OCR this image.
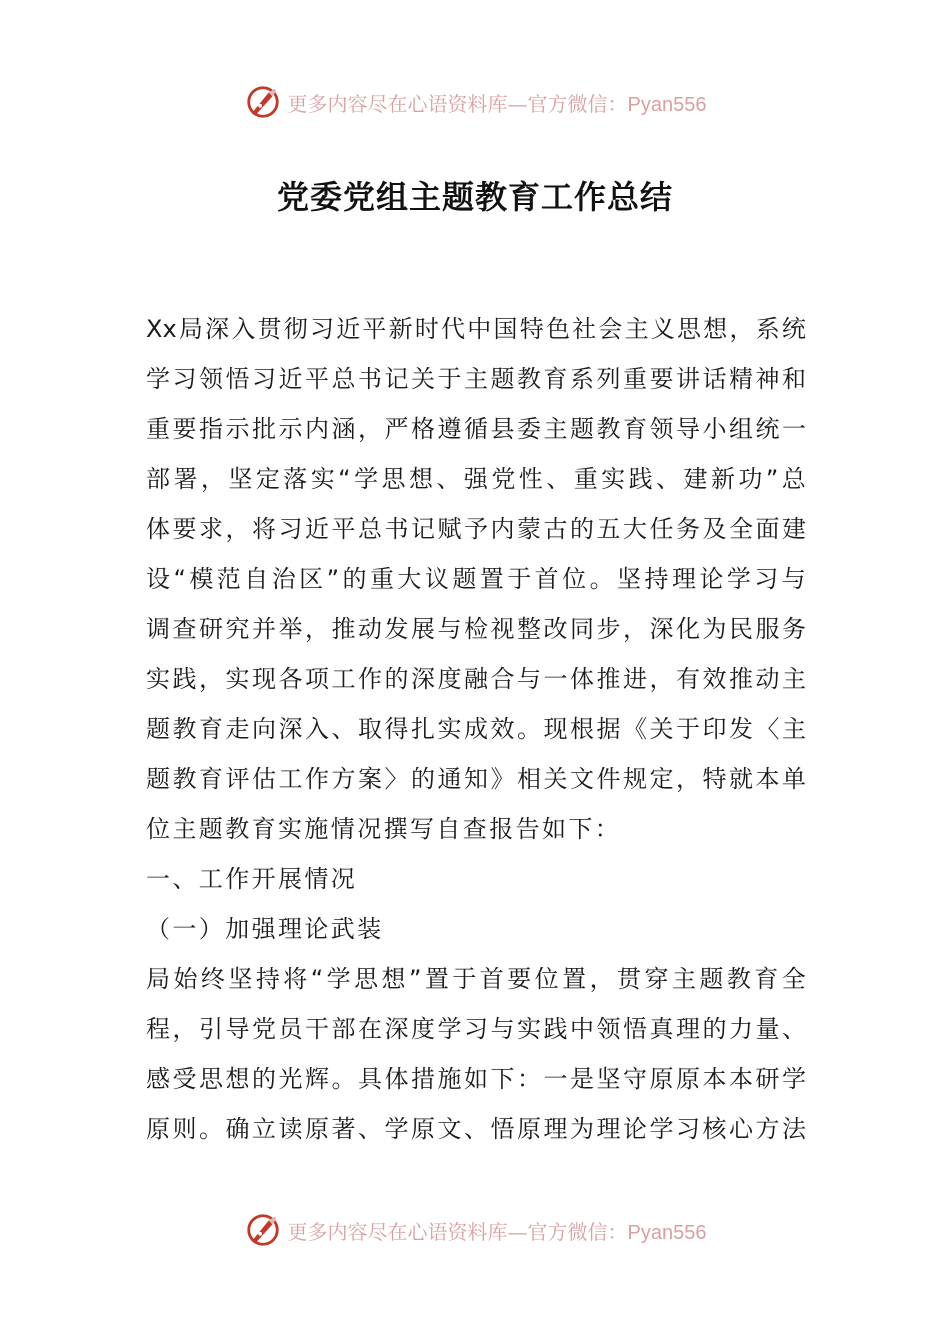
更多内容尽在心语资料库—官方微信：Pyan556
党委党组主题教育工作总结
Xx 局 深 入 贯 彻 习 近 平 新 时 代 中 国 特 色 社 会 主 义 思 想 ， 系 统
学 习 领 悟 习 近 平 总 书 记 关 于 主 题 教 育 系 列 重 要 讲 话 精 神 和
重 要 指 示 批 示 内 涵 ， 严 格 遵 循 县 委 主 题 教 育 领 导 小 组 统 一
部 署 ， 坚 定 落 实 “ 学 思 想 、 强 党 性 、 重 实 践 、 建 新 功 ” 总
体 要 求 ， 将 习 近 平 总 书 记 赋 予 内 蒙 古 的 五 大 任 务 及 全 面 建
设 “ 模 范 自 治 区 ” 的 重 大 议 题 置 于 首 位 。 坚 持 理 论 学 习 与
调 查 研 究 并 举 ， 推 动 发 展 与 检 视 整 改 同 步 ， 深 化 为 民 服 务
实 践 ， 实 现 各 项 工 作 的 深 度 融 合 与 一 体 推 进 ， 有 效 推 动 主
题 教 育 走 向 深 入 、 取 得 扎 实 成 效 。 现 根 据 《 关 于 印 发 〈 主
题 教 育 评 估 工 作 方 案 〉 的 通 知 》 相 关 文 件 规 定 ， 特 就 本 单
位主题教育实施情况撰写自查报告如下：
一、工作开展情况
（一）加强理论武装
局 始 终 坚 持 将 “ 学 思 想 ” 置 于 首 要 位 置 ， 贯 穿 主 题 教 育 全
程 ， 引 导 党 员 干 部 在 深 度 学 习 与 实 践 中 领 悟 真 理 的 力 量 、
感 受 思 想 的 光 辉 。 具 体 措 施 如 下 ： 一 是 坚 守 原 原 本 本 研 学
原 则 。 确 立 读 原 著 、 学 原 文 、 悟 原 理 为 理 论 学 习 核 心 方 法
更多内容尽在心语资料库—官方微信：Pyan556
